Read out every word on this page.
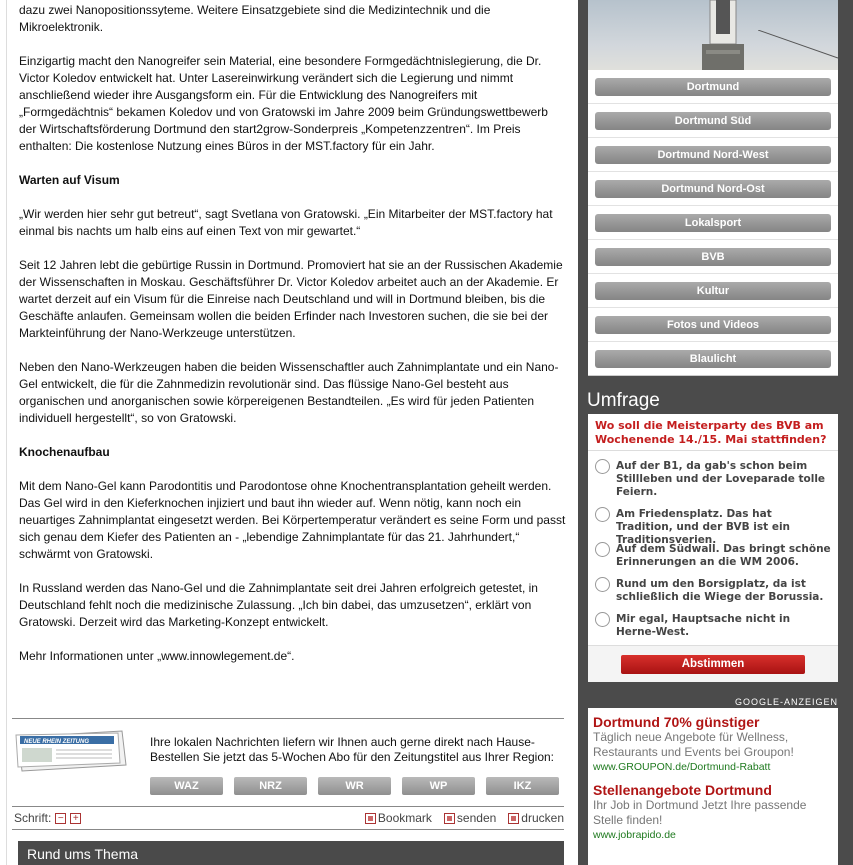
dazu zwei Nanopositionssyteme. Weitere Einsatzgebiete sind die Medizintechnik und die Mikroelektronik.

Einzigartig macht den Nanogreifer sein Material, eine besondere Formgedächtnislegierung, die Dr. Victor Koledov entwickelt hat. Unter Lasereinwirkung verändert sich die Legierung und nimmt anschließend wieder ihre Ausgangsform ein. Für die Entwicklung des Nanogreifers mit „Formgedächtnis“ bekamen Koledov und von Gratowski im Jahre 2009 beim Gründungswettbewerb der Wirtschaftsförderung Dortmund den start2grow-Sonderpreis „Kompetenzzentren“. Im Preis enthalten: Die kostenlose Nutzung eines Büros in der MST.factory für ein Jahr.

Warten auf Visum

„Wir werden hier sehr gut betreut“, sagt Svetlana von Gratowski. „Ein Mitarbeiter der MST.factory hat einmal bis nachts um halb eins auf einen Text von mir gewartet.“

Seit 12 Jahren lebt die gebürtige Russin in Dortmund. Promoviert hat sie an der Russischen Akademie der Wissenschaften in Moskau. Geschäftsführer Dr. Victor Koledov arbeitet auch an der Akademie. Er wartet derzeit auf ein Visum für die Einreise nach Deutschland und will in Dortmund bleiben, bis die Geschäfte anlaufen. Gemeinsam wollen die beiden Erfinder nach Investoren suchen, die sie bei der Markteinführung der Nano-Werkzeuge unterstützen.

Neben den Nano-Werkzeugen haben die beiden Wissenschaftler auch Zahnimplantate und ein Nano-Gel entwickelt, die für die Zahnmedizin revolutionär sind. Das flüssige Nano-Gel besteht aus organischen und anorganischen sowie körpereigenen Bestandteilen. „Es wird für jeden Patienten individuell hergestellt“, so von Gratowski.

Knochenaufbau

Mit dem Nano-Gel kann Parodontitis und Parodontose ohne Knochentransplantation geheilt werden. Das Gel wird in den Kieferknochen injiziert und baut ihn wieder auf. Wenn nötig, kann noch ein neuartiges Zahnimplantat eingesetzt werden. Bei Körpertemperatur verändert es seine Form und passt sich genau dem Kiefer des Patienten an - „lebendige Zahnimplantate für das 21. Jahrhundert,“ schwärmt von Gratowski.

In Russland werden das Nano-Gel und die Zahnimplantate seit drei Jahren erfolgreich getestet, in Deutschland fehlt noch die medizinische Zulassung. „Ich bin dabei, das umzusetzen“, erklärt von Gratowski. Derzeit wird das Marketing-Konzept entwickelt.

Mehr Informationen unter „www.innowlegement.de“.

NEUE RHEIN ZEITUNG	Ihre lokalen Nachrichten liefern wir Ihnen auch gerne direkt nach Hause- Bestellen Sie jetzt das 5-Wochen Abo für den Zeitungstitel aus Ihrer Region:
WAZ	NRZ	WR	WP	IKZ
Schrift: − +	Bookmark senden drucken
Rund ums Thema
Dortmund
Dortmund Süd
Dortmund Nord-West
Dortmund Nord-Ost
Lokalsport
BVB
Kultur
Fotos und Videos
Blaulicht
Umfrage
Wo soll die Meisterparty des BVB am Wochenende 14./15. Mai stattfinden?
Auf der B1, da gab's schon beim Stillleben und der Loveparade tolle Feiern.
Am Friedensplatz. Das hat Tradition, und der BVB ist ein Traditionsverien.
Auf dem Südwall. Das bringt schöne Erinnerungen an die WM 2006.
Rund um den Borsigplatz, da ist schließlich die Wiege der Borussia.
Mir egal, Hauptsache nicht in Herne-West.
Abstimmen
GOOGLE-ANZEIGEN
Dortmund 70% günstiger
Täglich neue Angebote für Wellness, Restaurants und Events bei Groupon!
www.GROUPON.de/Dortmund-Rabatt
Stellenangebote Dortmund
Ihr Job in Dortmund Jetzt Ihre passende Stelle finden!
www.jobrapido.de
